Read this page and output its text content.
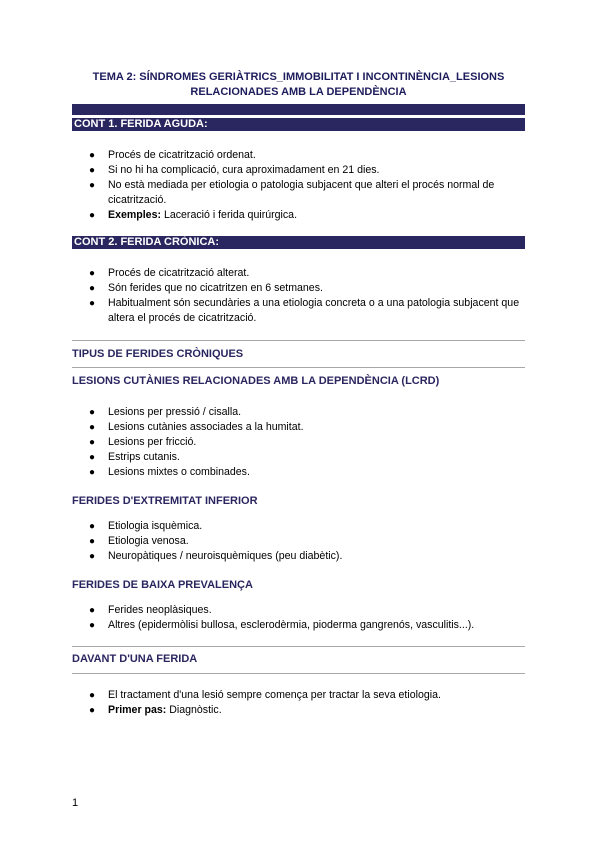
TEMA 2: SÍNDROMES GERIÀTRICS_IMMOBILITAT I INCONTINÈNCIA_LESIONS
RELACIONADES AMB LA DEPENDÈNCIA

CONT 1. FERIDA AGUDA:
● Procés de cicatrització ordenat.
● Si no hi ha complicació, cura aproximadament en 21 dies.
● No està mediada per etiologia o patologia subjacent que alteri el procés normal de cicatrització.
● Exemples: Laceració i ferida quirúrgica.
CONT 2. FERIDA CRÒNICA:
● Procés de cicatrització alterat.
● Són ferides que no cicatritzen en 6 setmanes.
● Habitualment són secundàries a una etiologia concreta o a una patologia subjacent que altera el procés de cicatrització.
TIPUS DE FERIDES CRÒNIQUES
LESIONS CUTÀNIES RELACIONADES AMB LA DEPENDÈNCIA (LCRD)
● Lesions per pressió / cisalla.
● Lesions cutànies associades a la humitat.
● Lesions per fricció.
● Estrips cutanis.
● Lesions mixtes o combinades.
FERIDES D'EXTREMITAT INFERIOR
● Etiologia isquèmica.
● Etiologia venosa.
● Neuropàtiques / neuroisquèmiques (peu diabètic).
FERIDES DE BAIXA PREVALENÇA
● Ferides neoplàsiques.
● Altres (epidermòlisi bullosa, esclerodèrmia, pioderma gangrenós, vasculitis...).
DAVANT D'UNA FERIDA
● El tractament d'una lesió sempre comença per tractar la seva etiologia.
● Primer pas: Diagnòstic.
1
